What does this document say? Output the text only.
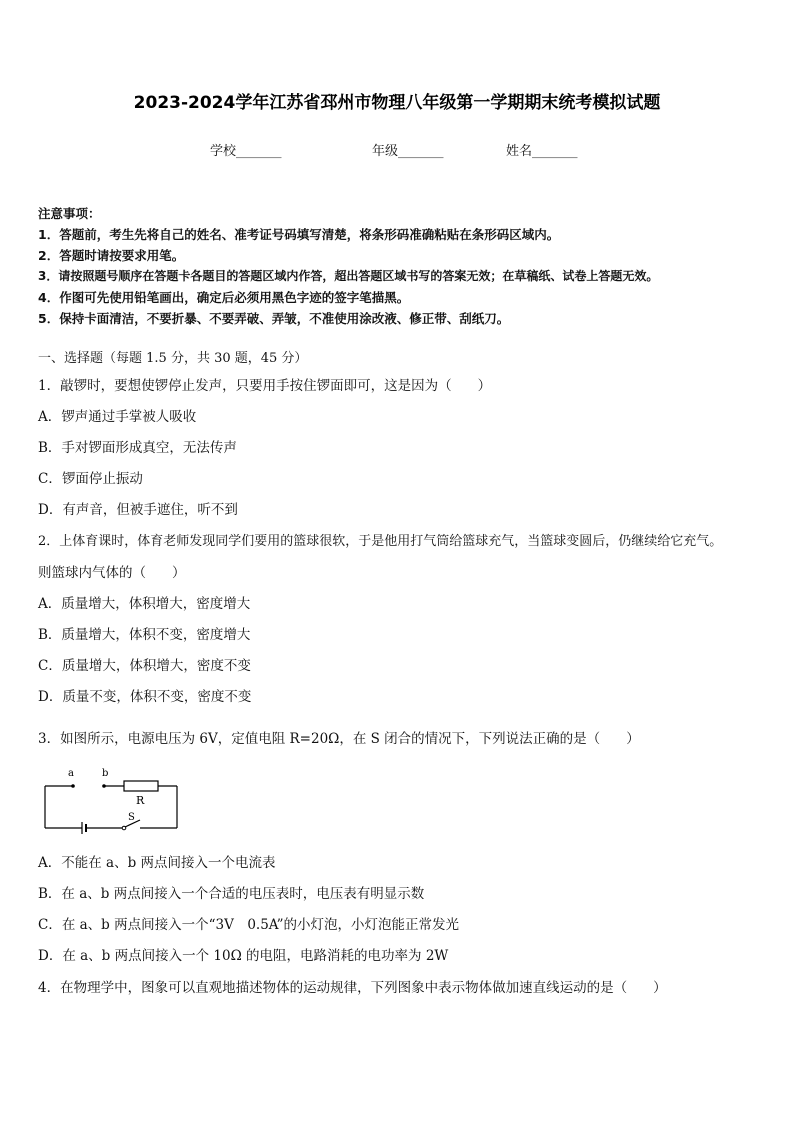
2023-2024学年江苏省邳州市物理八年级第一学期期末统考模拟试题
学校_______	年级_______	姓名_______
注意事项：
1．答题前，考生先将自己的姓名、准考证号码填写清楚，将条形码准确粘贴在条形码区域内。
2．答题时请按要求用笔。
3．请按照题号顺序在答题卡各题目的答题区域内作答，超出答题区域书写的答案无效；在草稿纸、试卷上答题无效。
4．作图可先使用铅笔画出，确定后必须用黑色字迹的签字笔描黑。
5．保持卡面清洁，不要折暴、不要弄破、弄皱，不准使用涂改液、修正带、刮纸刀。
一、选择题（每题 1.5 分，共 30 题，45 分）
1．敲锣时，要想使锣停止发声，只要用手按住锣面即可，这是因为（ ）
A．锣声通过手掌被人吸收
B．手对锣面形成真空，无法传声
C．锣面停止振动
D．有声音，但被手遮住，听不到
2．上体育课时，体育老师发现同学们要用的篮球很软，于是他用打气筒给篮球充气，当篮球变圆后，仍继续给它充气。
则篮球内气体的（ ）
A．质量增大，体积增大，密度增大
B．质量增大，体积不变，密度增大
C．质量增大，体积增大，密度不变
D．质量不变，体积不变，密度不变
3．如图所示，电源电压为 6V，定值电阻 R=20Ω，在 S 闭合的情况下，下列说法正确的是（ ）
a	b
R
S
A．不能在 a、b 两点间接入一个电流表
B．在 a、b 两点间接入一个合适的电压表时，电压表有明显示数
C．在 a、b 两点间接入一个“3V　0.5A”的小灯泡，小灯泡能正常发光
D．在 a、b 两点间接入一个 10Ω 的电阻，电路消耗的电功率为 2W
4．在物理学中，图象可以直观地描述物体的运动规律，下列图象中表示物体做加速直线运动的是（ ）
